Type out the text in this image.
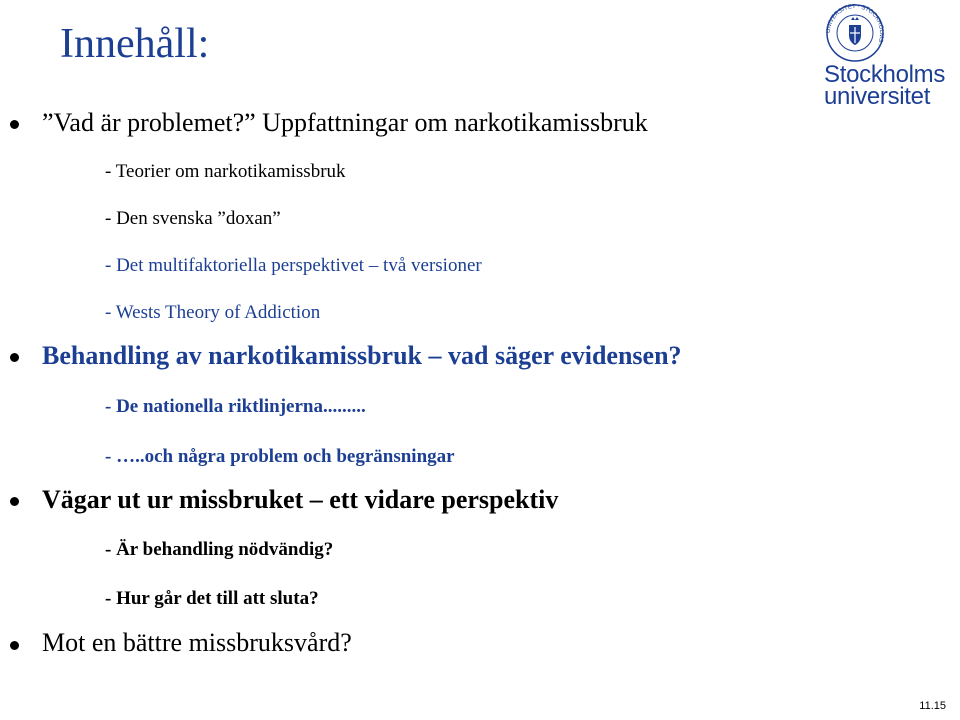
Innehåll:	UNIVERSITET · STOCKHOLMS ·
Stockholms
universitet
”Vad är problemet?” Uppfattningar om narkotikamissbruk
- Teorier om narkotikamissbruk
- Den svenska ”doxan”
- Det multifaktoriella perspektivet – två versioner
- Wests Theory of Addiction
Behandling av narkotikamissbruk – vad säger evidensen?
- De nationella riktlinjerna.........
- …..och några problem och begränsningar
Vägar ut ur missbruket – ett vidare perspektiv
- Är behandling nödvändig?
- Hur går det till att sluta?
Mot en bättre missbruksvård?
11.15
